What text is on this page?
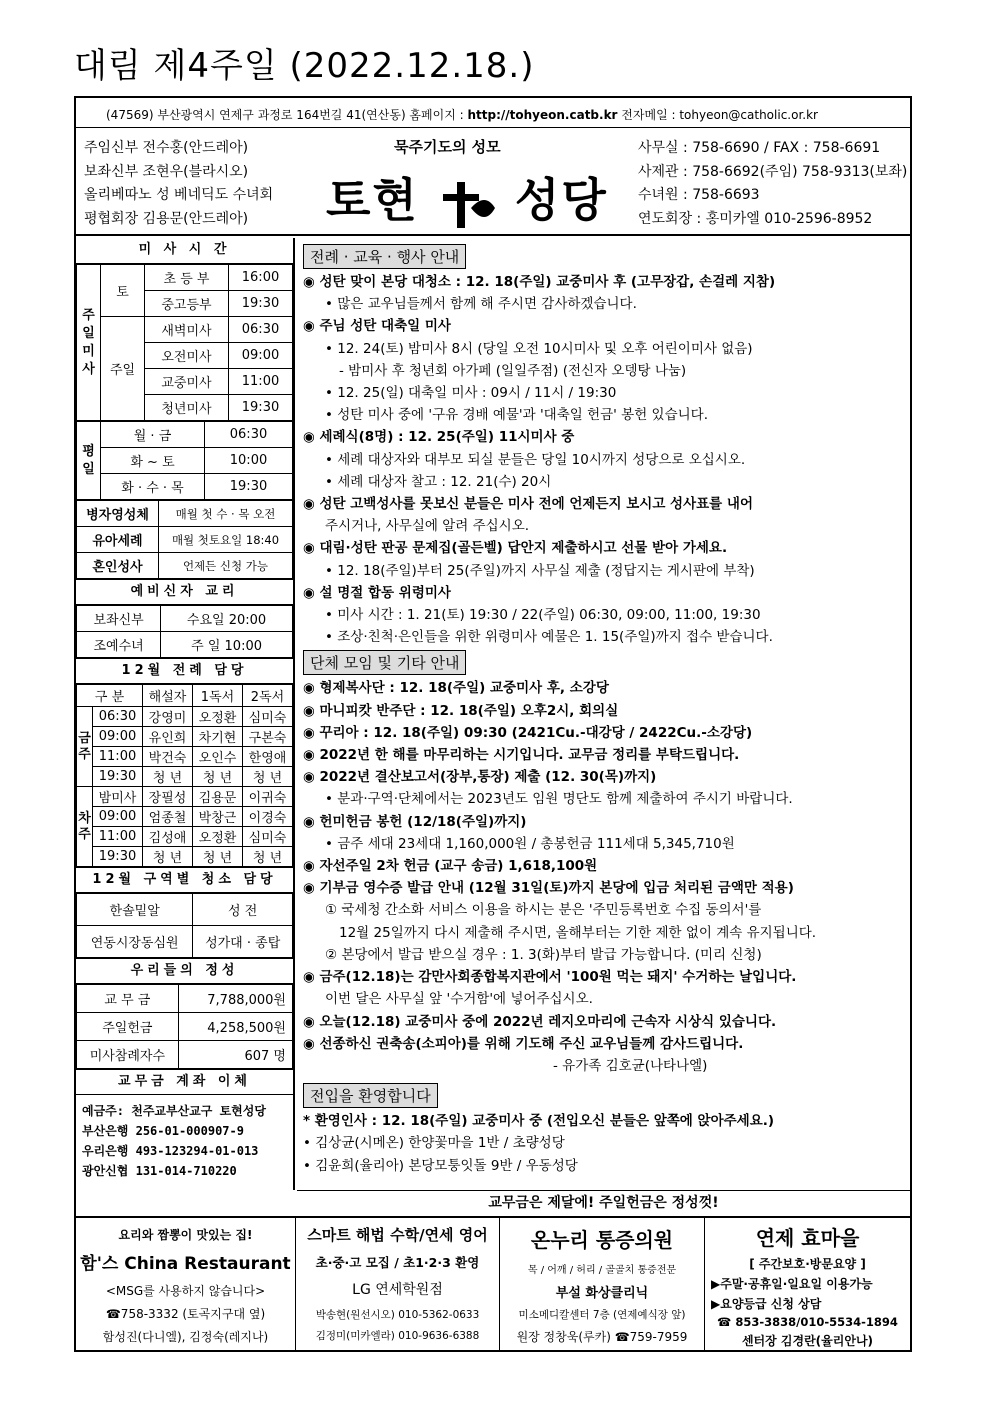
대림 제4주일 (2022.12.18.)
(47569) 부산광역시 연제구 과정로 164번길 41(연산동) 홈페이지 : http://tohyeon.catb.kr 전자메일 : tohyeon@catholic.or.kr
주임신부 전수홍(안드레아)
보좌신부 조현우(블라시오)
올리베따노 성 베네딕도 수녀회
평협회장 김용문(안드레아)
묵주기도의 성모
토현 성당
사무실 : 758-6690 / FAX : 758-6691
사제관 : 758-6692(주임) 758-9313(보좌)
수녀원 : 758-6693
연도회장 : 홍미카엘 010-2596-8952
미 사 시 간
주일미사	토	초 등 부	16:00
		중고등부	19:30
	주일	새벽미사	06:30
		오전미사	09:00
		교중미사	11:00
		청년미사	19:30
평일	월 · 금	06:30
	화 ~ 토	10:00
	화 · 수 · 목	19:30
병자영성체	매월 첫 수 · 목 오전
유아세례	매월 첫토요일 18:40
혼인성사	언제든 신청 가능
예비신자 교리
보좌신부	수요일 20:00
조예수녀	주 일 10:00
12월 전례 담당
구 분		해설자	1독서	2독서
금주	06:30	강영미	오정환	심미숙
	09:00	유인희	차기현	구본숙
	11:00	박건숙	오인수	한영애
	19:30	청 년	청 년	청 년
차주	밤미사	장필성	김용문	이귀숙
	09:00	엄종철	박창근	이경숙
	11:00	김성애	오정환	심미숙
	19:30	청 년	청 년	청 년
12월 구역별 청소 담당
한솔밑알	성 전
연동시장동심원	성가대 · 종탑
우리들의 정성
교 무 금	7,788,000원
주일헌금	4,258,500원
미사참례자수	607 명
교무금 계좌 이체
예금주: 천주교부산교구 토현성당
부산은행 256-01-000907-9
우리은행 493-123294-01-013
광안신협 131-014-710220
전례 · 교육 · 행사 안내
◉ 성탄 맞이 본당 대청소 : 12. 18(주일) 교중미사 후 (고무장갑, 손걸레 지참)
• 많은 교우님들께서 함께 해 주시면 감사하겠습니다.
◉ 주님 성탄 대축일 미사
• 12. 24(토) 밤미사 8시 (당일 오전 10시미사 및 오후 어린이미사 없음)
- 밤미사 후 청년회 아가페 (일일주점) (전신자 오뎅탕 나눔)
• 12. 25(일) 대축일 미사 : 09시 / 11시 / 19:30
• 성탄 미사 중에 '구유 경배 예물'과 '대축일 헌금' 봉헌 있습니다.
◉ 세례식(8명) : 12. 25(주일) 11시미사 중
• 세례 대상자와 대부모 되실 분들은 당일 10시까지 성당으로 오십시오.
• 세례 대상자 찰고 : 12. 21(수) 20시
◉ 성탄 고백성사를 못보신 분들은 미사 전에 언제든지 보시고 성사표를 내어
주시거나, 사무실에 알려 주십시오.
◉ 대림·성탄 판공 문제집(골든벨) 답안지 제출하시고 선물 받아 가세요.
• 12. 18(주일)부터 25(주일)까지 사무실 제출 (정답지는 게시판에 부착)
◉ 설 명절 합동 위령미사
• 미사 시간 : 1. 21(토) 19:30 / 22(주일) 06:30, 09:00, 11:00, 19:30
• 조상·친척·은인들을 위한 위령미사 예물은 1. 15(주일)까지 접수 받습니다.
단체 모임 및 기타 안내
◉ 형제복사단 : 12. 18(주일) 교중미사 후, 소강당
◉ 마니피캇 반주단 : 12. 18(주일) 오후2시, 회의실
◉ 꾸리아 : 12. 18(주일) 09:30 (2421Cu.-대강당 / 2422Cu.-소강당)
◉ 2022년 한 해를 마무리하는 시기입니다. 교무금 정리를 부탁드립니다.
◉ 2022년 결산보고서(장부,통장) 제출 (12. 30(목)까지)
• 분과·구역·단체에서는 2023년도 임원 명단도 함께 제출하여 주시기 바랍니다.
◉ 헌미헌금 봉헌 (12/18(주일)까지)
• 금주 세대 23세대 1,160,000원 / 총봉헌금 111세대 5,345,710원
◉ 자선주일 2차 헌금 (교구 송금) 1,618,100원
◉ 기부금 영수증 발급 안내 (12월 31일(토)까지 본당에 입금 처리된 금액만 적용)
① 국세청 간소화 서비스 이용을 하시는 분은 '주민등록번호 수집 동의서'를
12월 25일까지 다시 제출해 주시면, 올해부터는 기한 제한 없이 계속 유지됩니다.
② 본당에서 발급 받으실 경우 : 1. 3(화)부터 발급 가능합니다. (미리 신청)
◉ 금주(12.18)는 감만사회종합복지관에서 '100원 먹는 돼지' 수거하는 날입니다.
이번 달은 사무실 앞 '수거함'에 넣어주십시오.
◉ 오늘(12.18) 교중미사 중에 2022년 레지오마리에 근속자 시상식 있습니다.
◉ 선종하신 권축송(소피아)를 위해 기도해 주신 교우님들께 감사드립니다.
- 유가족 김호균(나타나엘)
전입을 환영합니다
* 환영인사 : 12. 18(주일) 교중미사 중 (전입오신 분들은 앞쪽에 앉아주세요.)
• 김상균(시메온) 한양꽃마을 1반 / 초량성당
• 김윤희(율리아) 본당모퉁잇돌 9반 / 우동성당
교무금은 제달에! 주일헌금은 정성껏!
요리와 짬뽕이 맛있는 집!
함'스 China Restaurant
<MSG를 사용하지 않습니다>
☎758-3332 (토곡지구대 옆)
함성진(다니엘), 김정숙(레지나)
스마트 해법 수학/연세 영어
초·중·고 모집 / 초1·2·3 환영
LG 연세학원점
박송현(원선시오) 010-5362-0633
김정미(미카엘라) 010-9636-6388
온누리 통증의원
목 / 어깨 / 허리 / 골골치 통증전문
부설 화상클리닉
미소메디칼센터 7층 (연제예식장 앞)
원장 정창욱(루카) ☎759-7959
연제 효마을
[ 주간보호·방문요양 ]
▶주말·공휴일·일요일 이용가능
▶요양등급 신청 상담
☎ 853-3838/010-5534-1894
센터장 김경란(율리안나)
